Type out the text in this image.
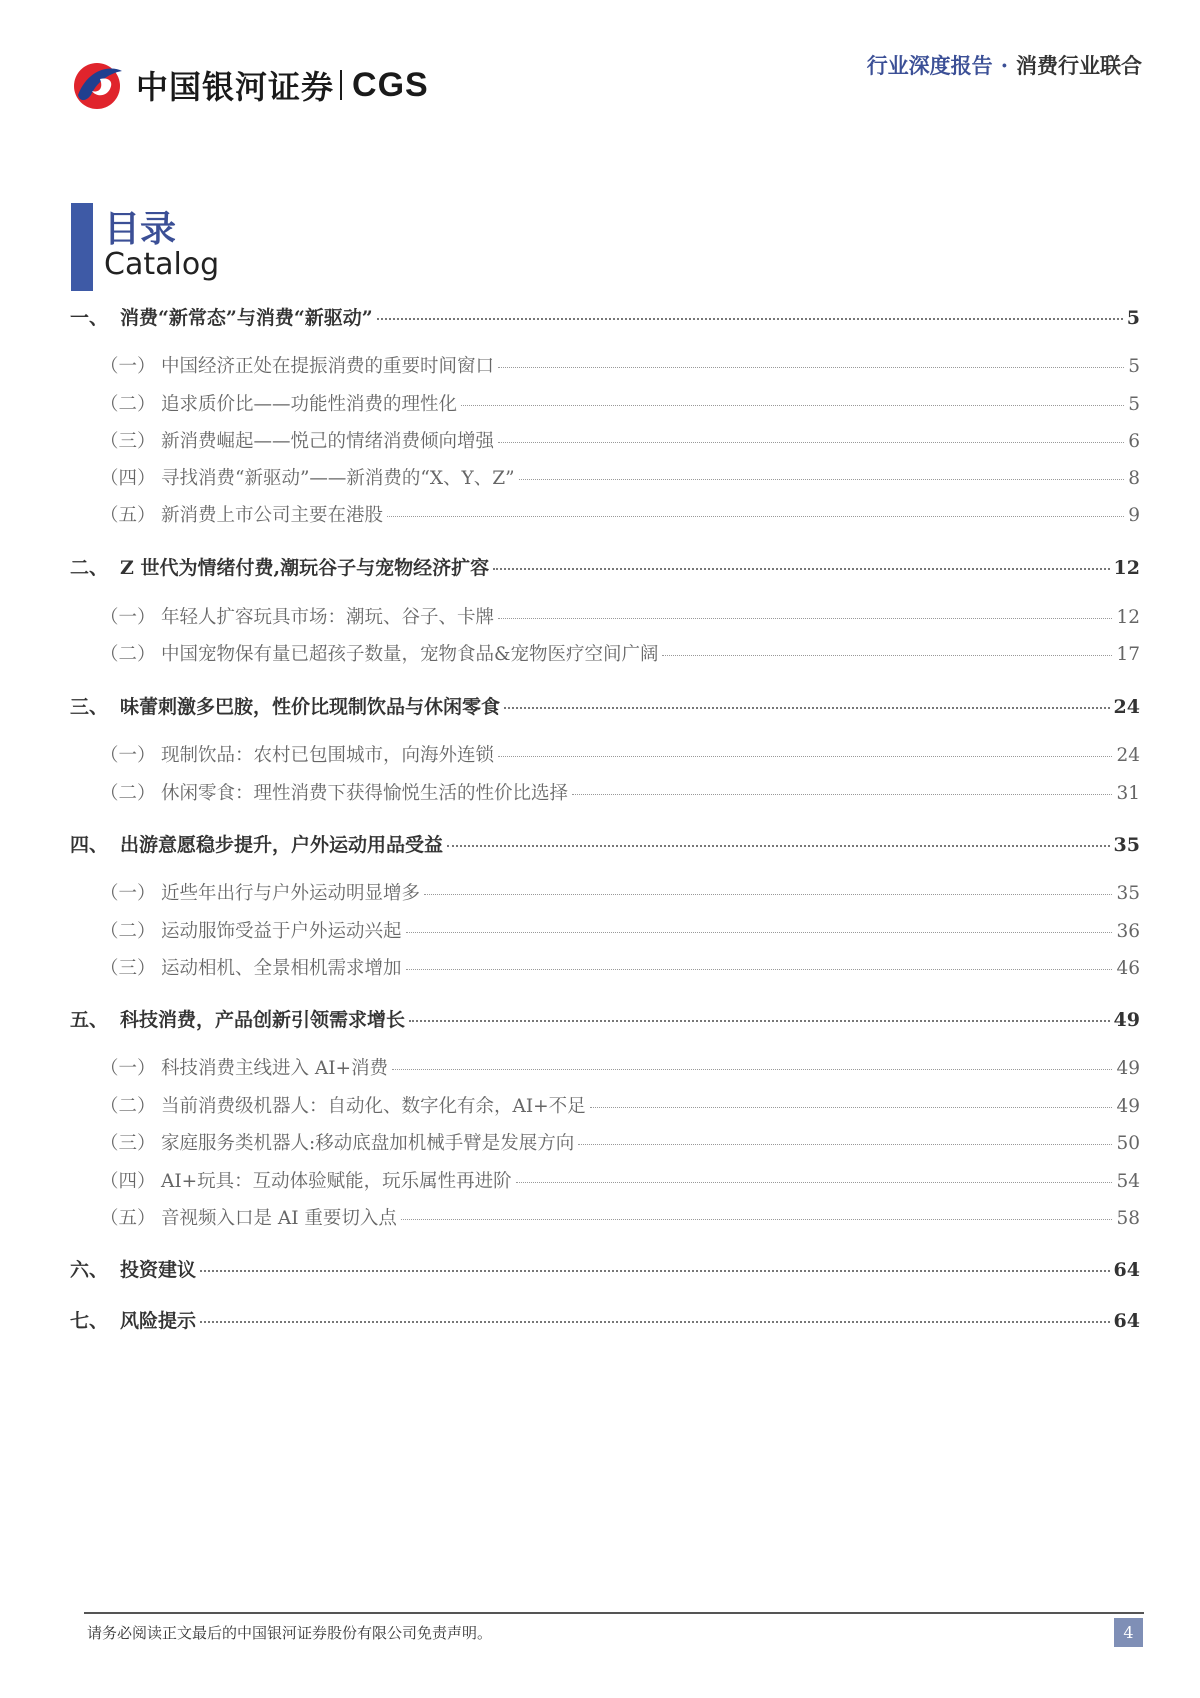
中国银河证券 CGS	行业深度报告 · 消费行业联合
目录
Catalog
一、 消费“新常态”与消费“新驱动”	5
（一） 中国经济正处在提振消费的重要时间窗口	5
（二） 追求质价比——功能性消费的理性化	5
（三） 新消费崛起——悦己的情绪消费倾向增强	6
（四） 寻找消费“新驱动”——新消费的“X、Y、Z”	8
（五） 新消费上市公司主要在港股	9
二、 Z 世代为情绪付费,潮玩谷子与宠物经济扩容	12
（一） 年轻人扩容玩具市场：潮玩、谷子、卡牌	12
（二） 中国宠物保有量已超孩子数量，宠物食品&宠物医疗空间广阔	17
三、 味蕾刺激多巴胺，性价比现制饮品与休闲零食	24
（一） 现制饮品：农村已包围城市，向海外连锁	24
（二） 休闲零食：理性消费下获得愉悦生活的性价比选择	31
四、 出游意愿稳步提升，户外运动用品受益	35
（一） 近些年出行与户外运动明显增多	35
（二） 运动服饰受益于户外运动兴起	36
（三） 运动相机、全景相机需求增加	46
五、 科技消费，产品创新引领需求增长	49
（一） 科技消费主线进入 AI+消费	49
（二） 当前消费级机器人：自动化、数字化有余，AI+不足	49
（三） 家庭服务类机器人:移动底盘加机械手臂是发展方向	50
（四） AI+玩具：互动体验赋能，玩乐属性再进阶	54
（五） 音视频入口是 AI 重要切入点	58
六、 投资建议	64
七、 风险提示	64
请务必阅读正文最后的中国银河证券股份有限公司免责声明。	4
